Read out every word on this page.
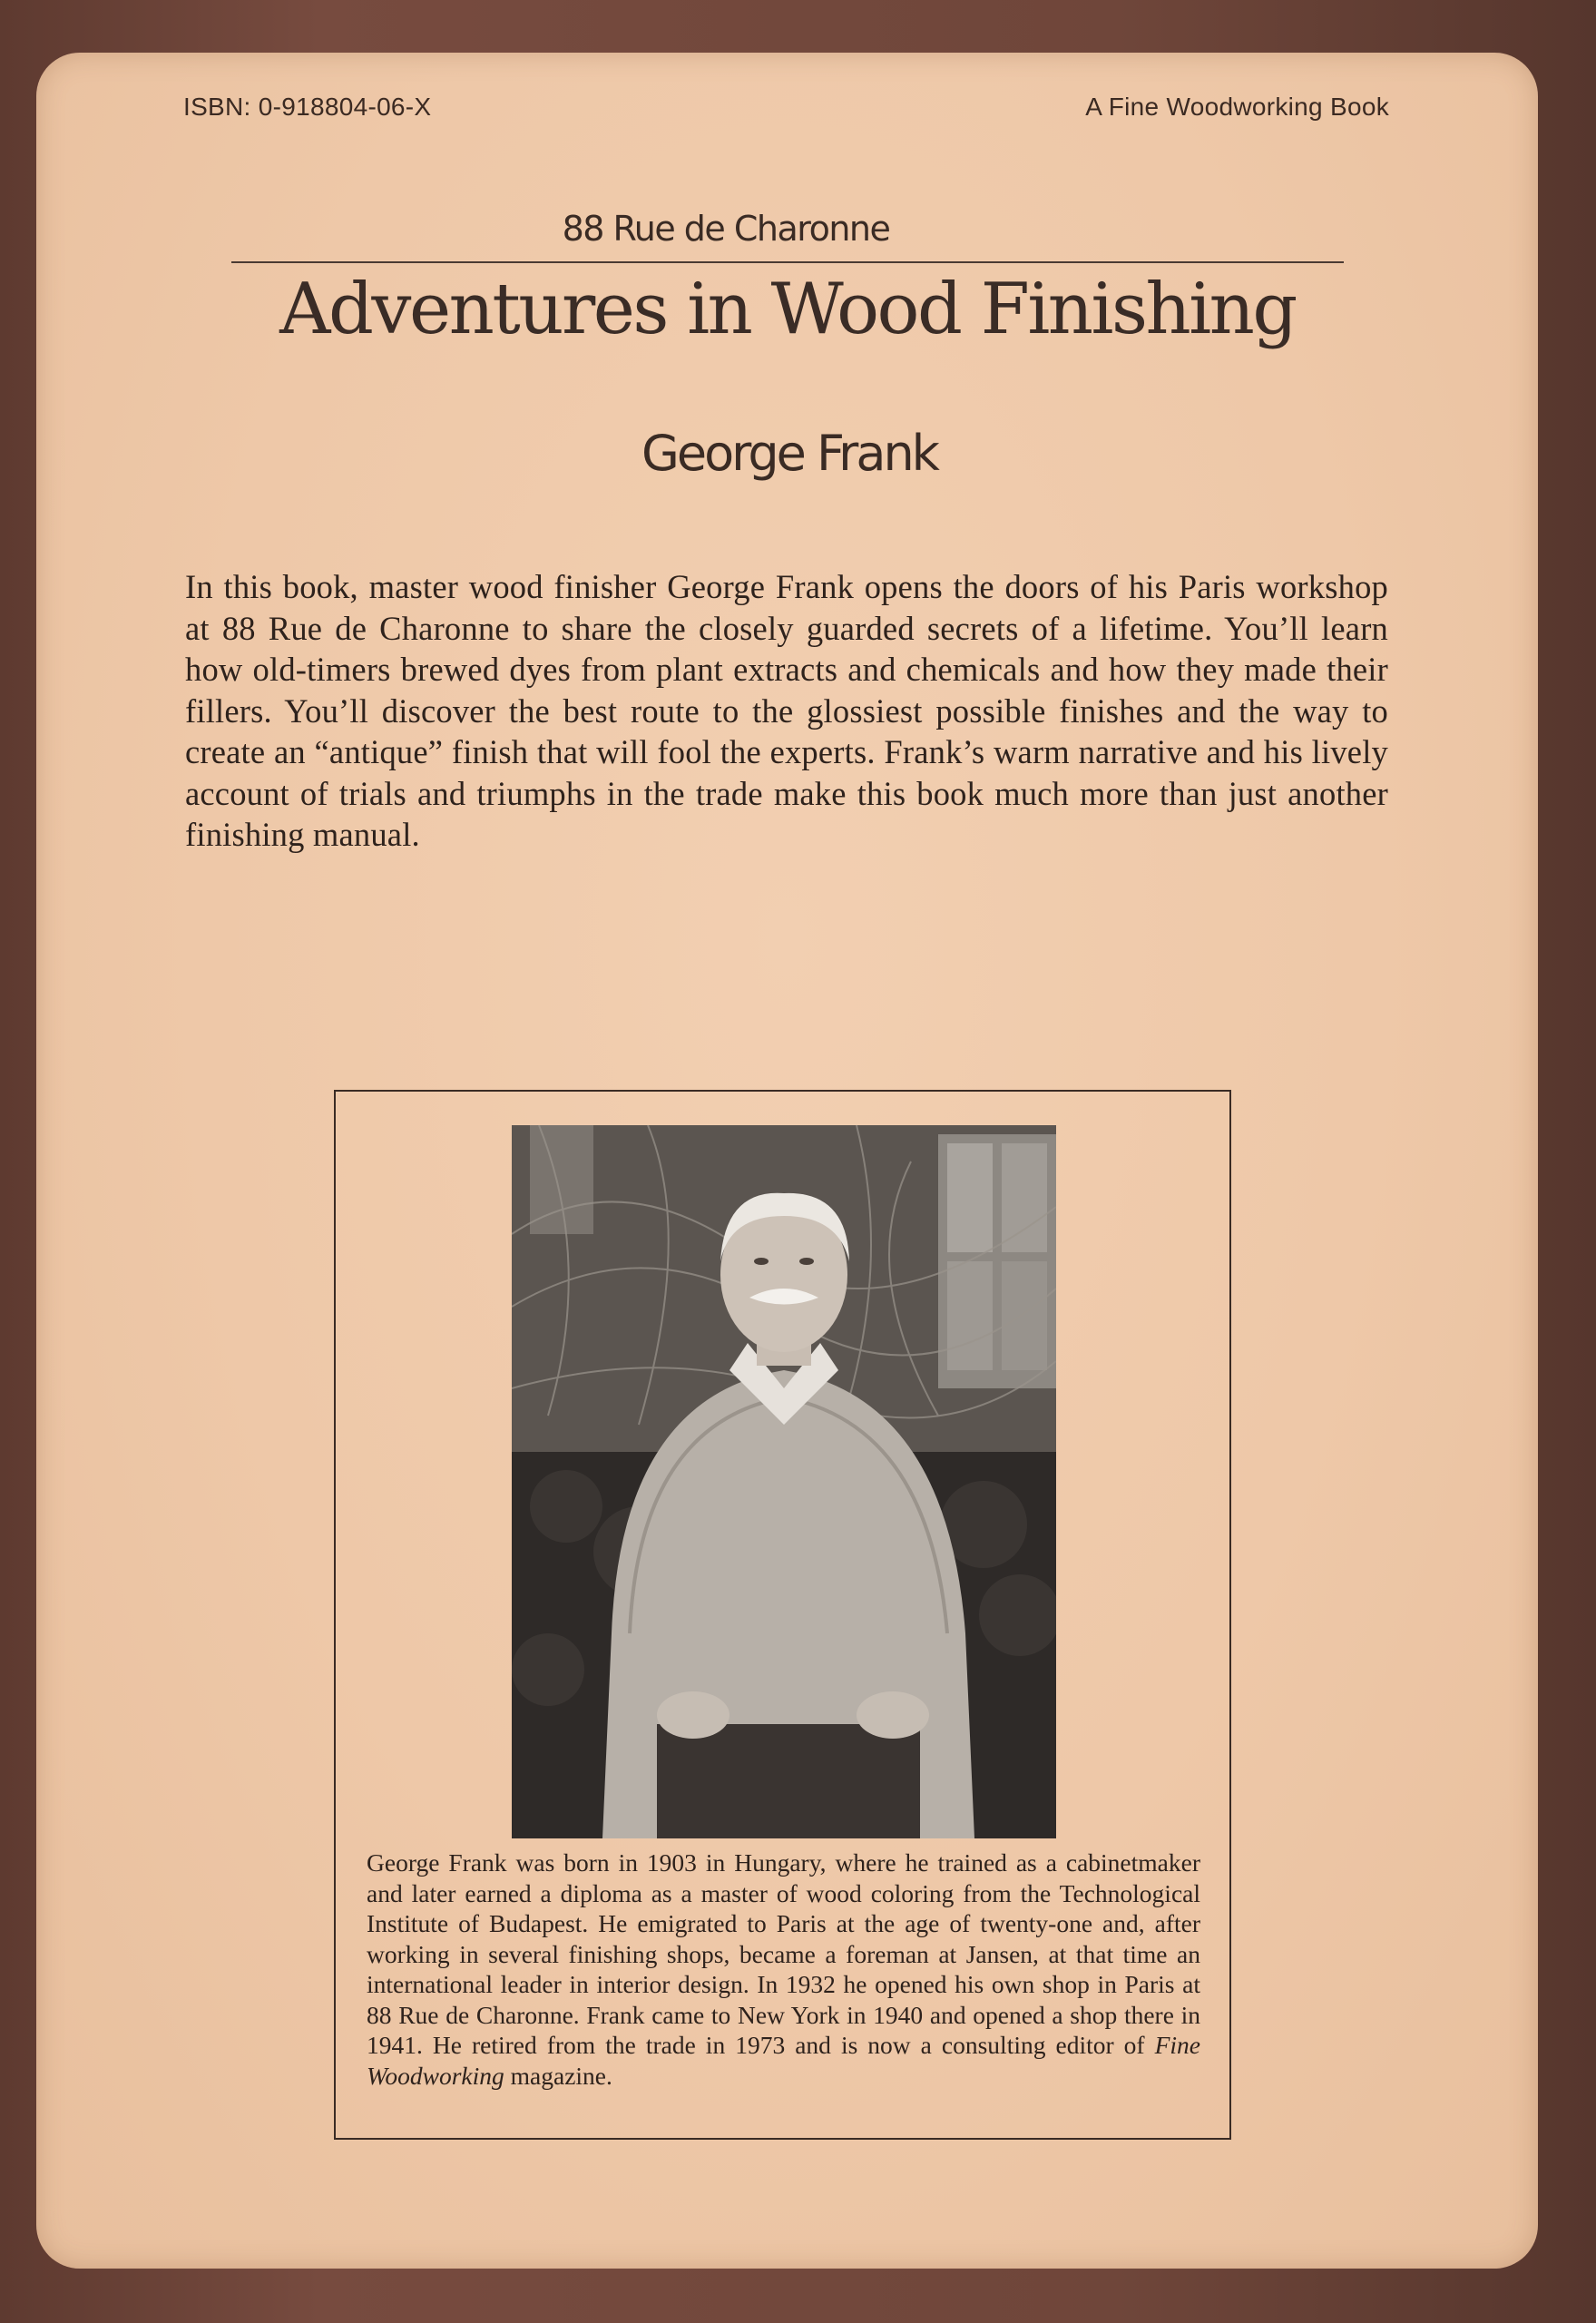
ISBN: 0-918804-06-X	A Fine Woodworking Book
88 Rue de Charonne
Adventures in Wood Finishing
George Frank

In this book, master wood finisher George Frank opens the doors of his Paris workshop at 88 Rue de Charonne to share the closely guarded secrets of a lifetime. You’ll learn how old-timers brewed dyes from plant extracts and chemicals and how they made their fillers. You’ll discover the best route to the glossiest possible finishes and the way to create an “antique” finish that will fool the experts. Frank’s warm narrative and his lively account of trials and triumphs in the trade make this book much more than just another finishing manual.

George Frank was born in 1903 in Hungary, where he trained as a cabinetmaker and later earned a diploma as a master of wood coloring from the Technological Institute of Budapest. He emigrated to Paris at the age of twenty-one and, after working in several finishing shops, became a foreman at Jansen, at that time an international leader in interior design. In 1932 he opened his own shop in Paris at 88 Rue de Charonne. Frank came to New York in 1940 and opened a shop there in 1941. He retired from the trade in 1973 and is now a consulting editor of Fine Woodworking magazine.
